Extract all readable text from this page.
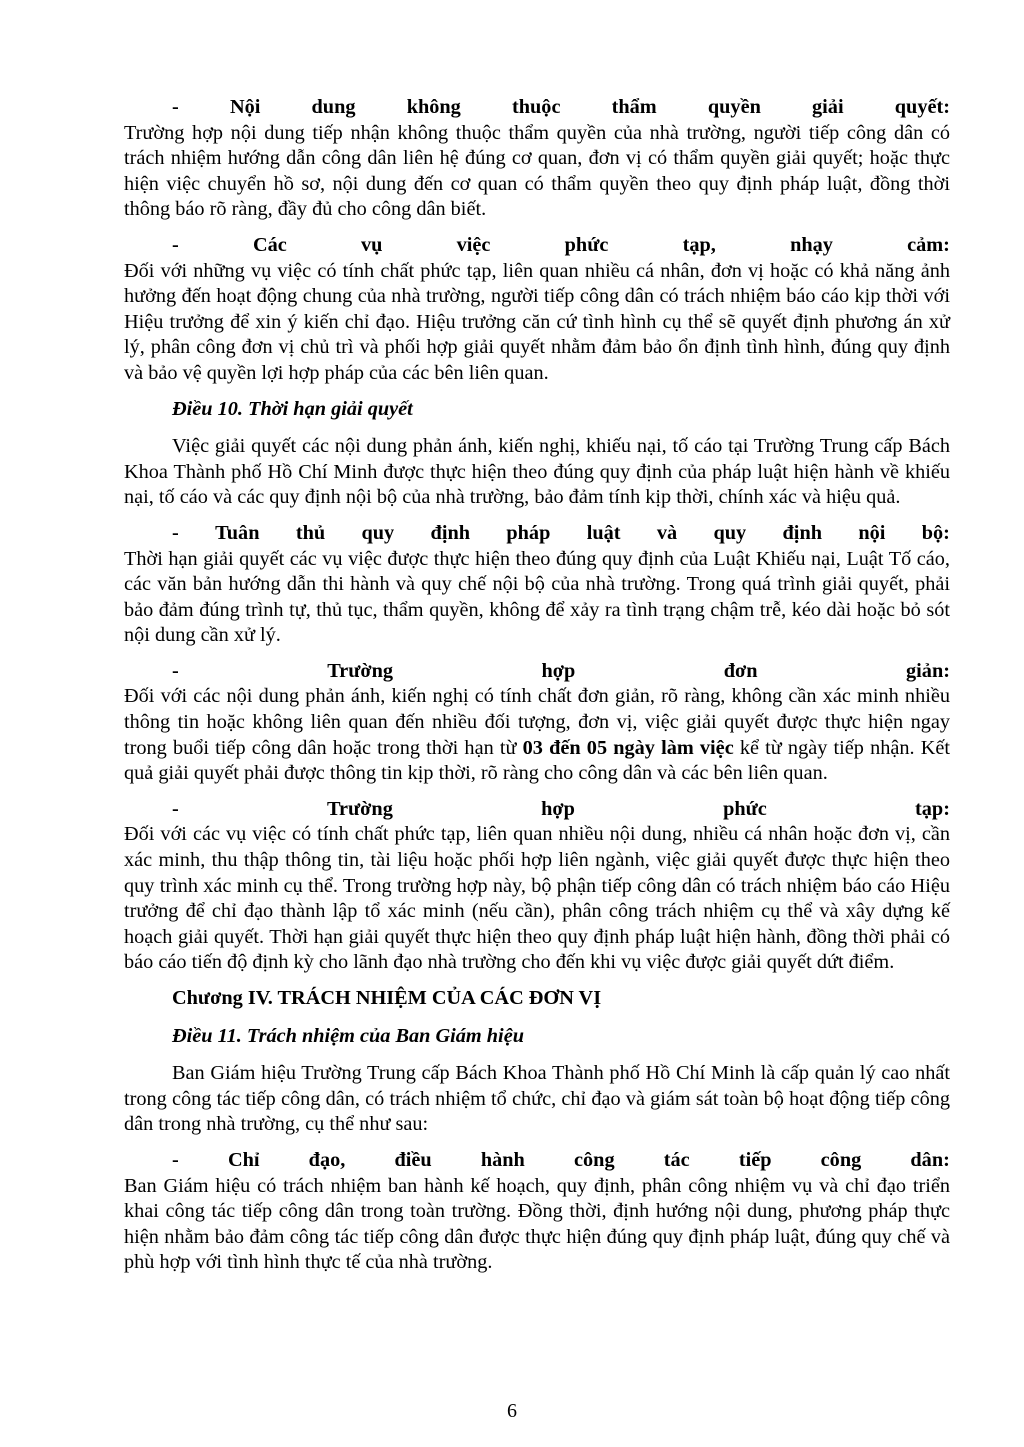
-	Nội	dung	không	thuộc	thẩm	quyền	giải	quyết:

Trường hợp nội dung tiếp nhận không thuộc thẩm quyền của nhà trường, người tiếp công dân có trách nhiệm hướng dẫn công dân liên hệ đúng cơ quan, đơn vị có thẩm quyền giải quyết; hoặc thực hiện việc chuyển hồ sơ, nội dung đến cơ quan có thẩm quyền theo quy định pháp luật, đồng thời thông báo rõ ràng, đầy đủ cho công dân biết.

-	Các	vụ	việc	phức	tạp,	nhạy	cảm:

Đối với những vụ việc có tính chất phức tạp, liên quan nhiều cá nhân, đơn vị hoặc có khả năng ảnh hưởng đến hoạt động chung của nhà trường, người tiếp công dân có trách nhiệm báo cáo kịp thời với Hiệu trưởng để xin ý kiến chỉ đạo. Hiệu trưởng căn cứ tình hình cụ thể sẽ quyết định phương án xử lý, phân công đơn vị chủ trì và phối hợp giải quyết nhằm đảm bảo ổn định tình hình, đúng quy định và bảo vệ quyền lợi hợp pháp của các bên liên quan.

Điều 10. Thời hạn giải quyết

Việc giải quyết các nội dung phản ánh, kiến nghị, khiếu nại, tố cáo tại Trường Trung cấp Bách Khoa Thành phố Hồ Chí Minh được thực hiện theo đúng quy định của pháp luật hiện hành về khiếu nại, tố cáo và các quy định nội bộ của nhà trường, bảo đảm tính kịp thời, chính xác và hiệu quả.

- Tuân thủ quy định pháp luật và quy định nội bộ:

Thời hạn giải quyết các vụ việc được thực hiện theo đúng quy định của Luật Khiếu nại, Luật Tố cáo, các văn bản hướng dẫn thi hành và quy chế nội bộ của nhà trường. Trong quá trình giải quyết, phải bảo đảm đúng trình tự, thủ tục, thẩm quyền, không để xảy ra tình trạng chậm trễ, kéo dài hoặc bỏ sót nội dung cần xử lý.

-	Trường	hợp	đơn	giản:

Đối với các nội dung phản ánh, kiến nghị có tính chất đơn giản, rõ ràng, không cần xác minh nhiều thông tin hoặc không liên quan đến nhiều đối tượng, đơn vị, việc giải quyết được thực hiện ngay trong buổi tiếp công dân hoặc trong thời hạn từ 03 đến 05 ngày làm việc kể từ ngày tiếp nhận. Kết quả giải quyết phải được thông tin kịp thời, rõ ràng cho công dân và các bên liên quan.

-	Trường	hợp	phức	tạp:

Đối với các vụ việc có tính chất phức tạp, liên quan nhiều nội dung, nhiều cá nhân hoặc đơn vị, cần xác minh, thu thập thông tin, tài liệu hoặc phối hợp liên ngành, việc giải quyết được thực hiện theo quy trình xác minh cụ thể. Trong trường hợp này, bộ phận tiếp công dân có trách nhiệm báo cáo Hiệu trưởng để chỉ đạo thành lập tổ xác minh (nếu cần), phân công trách nhiệm cụ thể và xây dựng kế hoạch giải quyết. Thời hạn giải quyết thực hiện theo quy định pháp luật hiện hành, đồng thời phải có báo cáo tiến độ định kỳ cho lãnh đạo nhà trường cho đến khi vụ việc được giải quyết dứt điểm.

Chương IV. TRÁCH NHIỆM CỦA CÁC ĐƠN VỊ
Điều 11. Trách nhiệm của Ban Giám hiệu

Ban Giám hiệu Trường Trung cấp Bách Khoa Thành phố Hồ Chí Minh là cấp quản lý cao nhất trong công tác tiếp công dân, có trách nhiệm tổ chức, chỉ đạo và giám sát toàn bộ hoạt động tiếp công dân trong nhà trường, cụ thể như sau:

- Chỉ đạo, điều hành công tác tiếp công dân:

Ban Giám hiệu có trách nhiệm ban hành kế hoạch, quy định, phân công nhiệm vụ và chỉ đạo triển khai công tác tiếp công dân trong toàn trường. Đồng thời, định hướng nội dung, phương pháp thực hiện nhằm bảo đảm công tác tiếp công dân được thực hiện đúng quy định pháp luật, đúng quy chế và phù hợp với tình hình thực tế của nhà trường.

6
